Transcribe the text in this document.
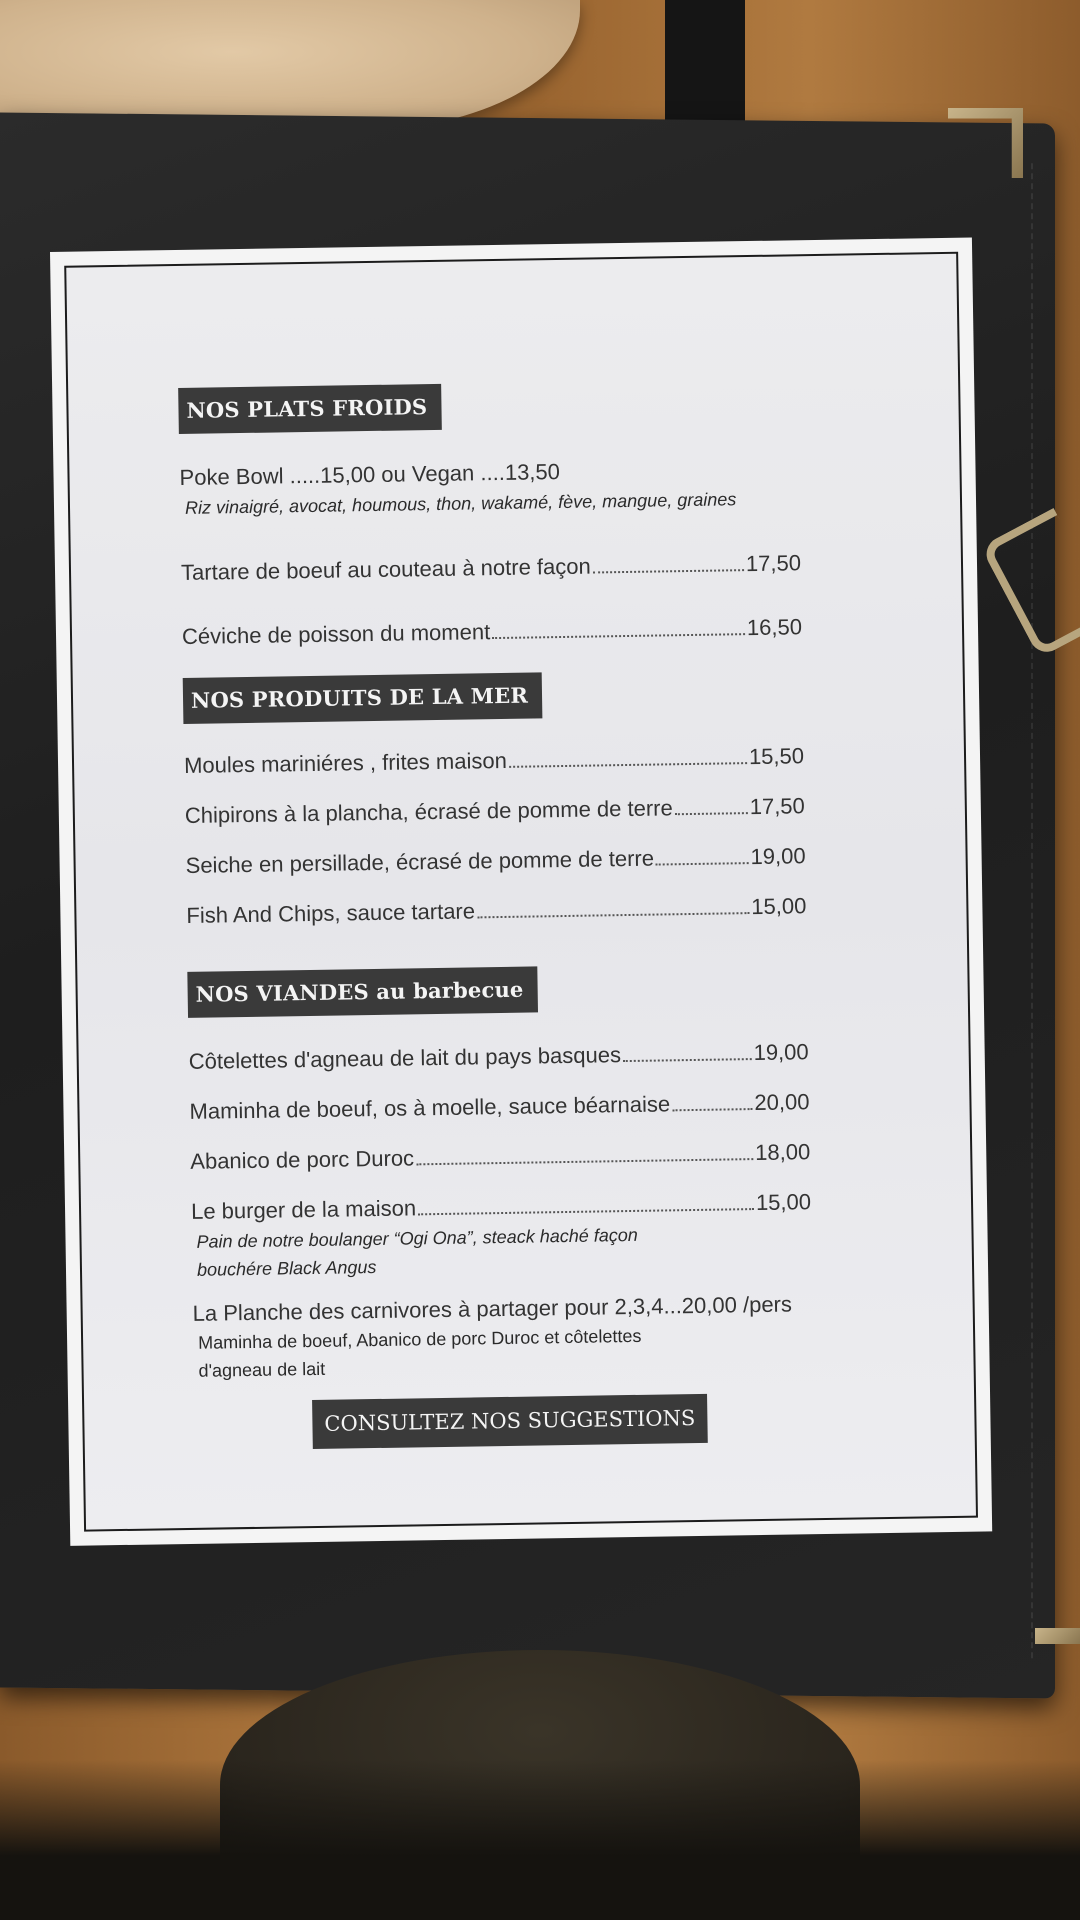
NOS PLATS FROIDS
Poke Bowl .....15,00 ou Vegan ....13,50
Riz vinaigré, avocat, houmous, thon, wakamé, fève, mangue, graines
Tartare de boeuf au couteau à notre façon	17,50
Céviche de poisson du moment	16,50
NOS PRODUITS DE LA MER
Moules mariniéres , frites maison	15,50
Chipirons à la plancha, écrasé de pomme de terre	17,50
Seiche en persillade, écrasé de pomme de terre	19,00
Fish And Chips, sauce tartare	15,00
NOS VIANDES au barbecue
Côtelettes d'agneau de lait du pays basques	19,00
Maminha de boeuf, os à moelle, sauce béarnaise	20,00
Abanico de porc Duroc	18,00
Le burger de la maison	15,00
Pain de notre boulanger “Ogi Ona”, steack haché façon
bouchére Black Angus
La Planche des carnivores à partager pour 2,3,4...20,00 /pers
Maminha de boeuf, Abanico de porc Duroc et côtelettes
d'agneau de lait
CONSULTEZ NOS SUGGESTIONS
